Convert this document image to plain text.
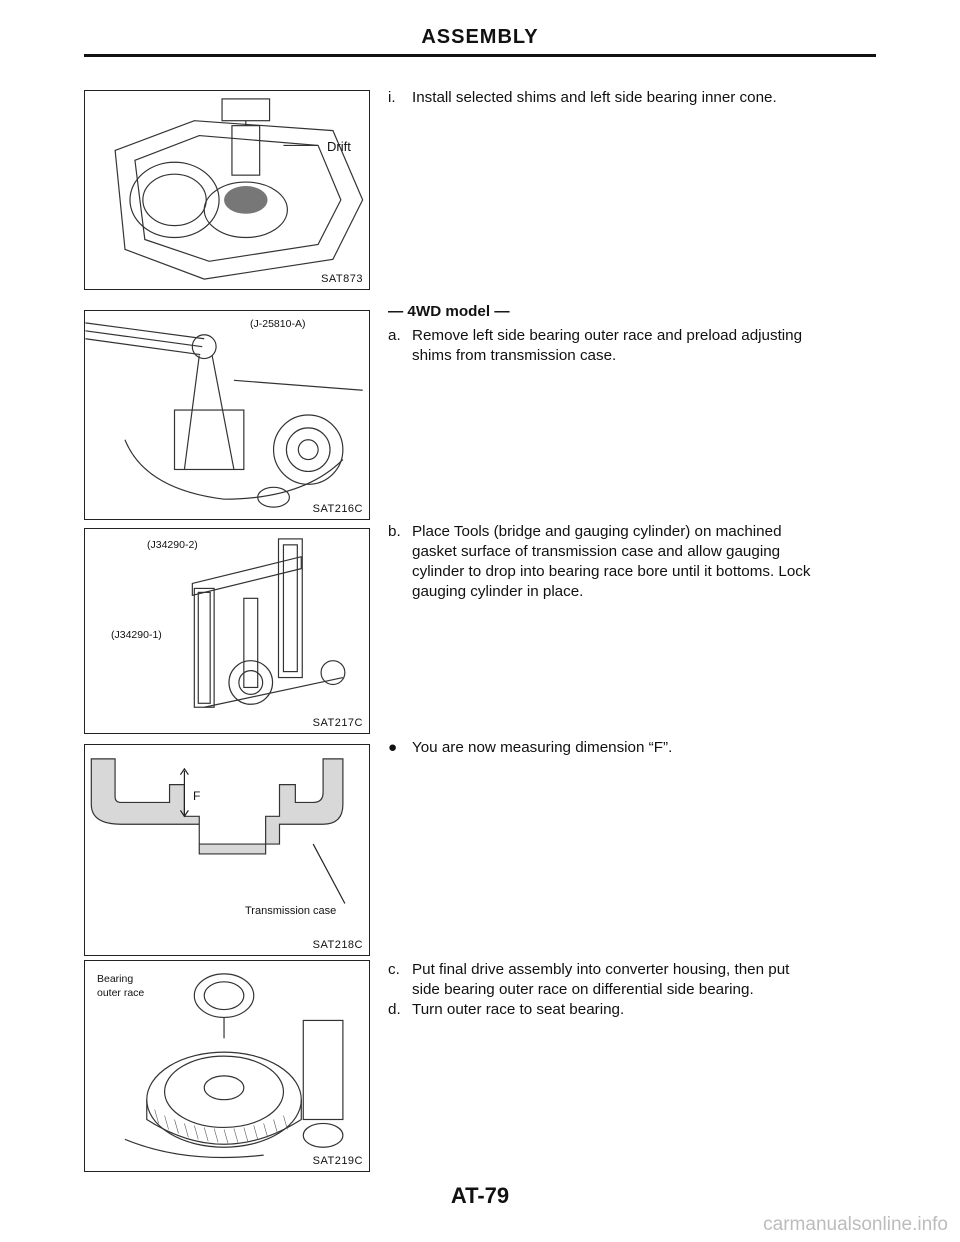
ASSEMBLY
Drift
SAT873
(J-25810-A)
SAT216C
(J34290-2)
(J34290-1)
SAT217C
F
Transmission case
SAT218C
Bearing
outer race
SAT219C
i.	Install selected shims and left side bearing inner cone.
— 4WD model —
a. Remove left side bearing outer race and preload adjusting
shims from transmission case.
b. Place Tools (bridge and gauging cylinder) on machined
gasket surface of transmission case and allow gauging
cylinder to drop into bearing race bore until it bottoms. Lock
gauging cylinder in place.
● You are now measuring dimension “F”.
c. Put final drive assembly into converter housing, then put
side bearing outer race on differential side bearing.
d. Turn outer race to seat bearing.
AT-79
carmanualsonline.info
